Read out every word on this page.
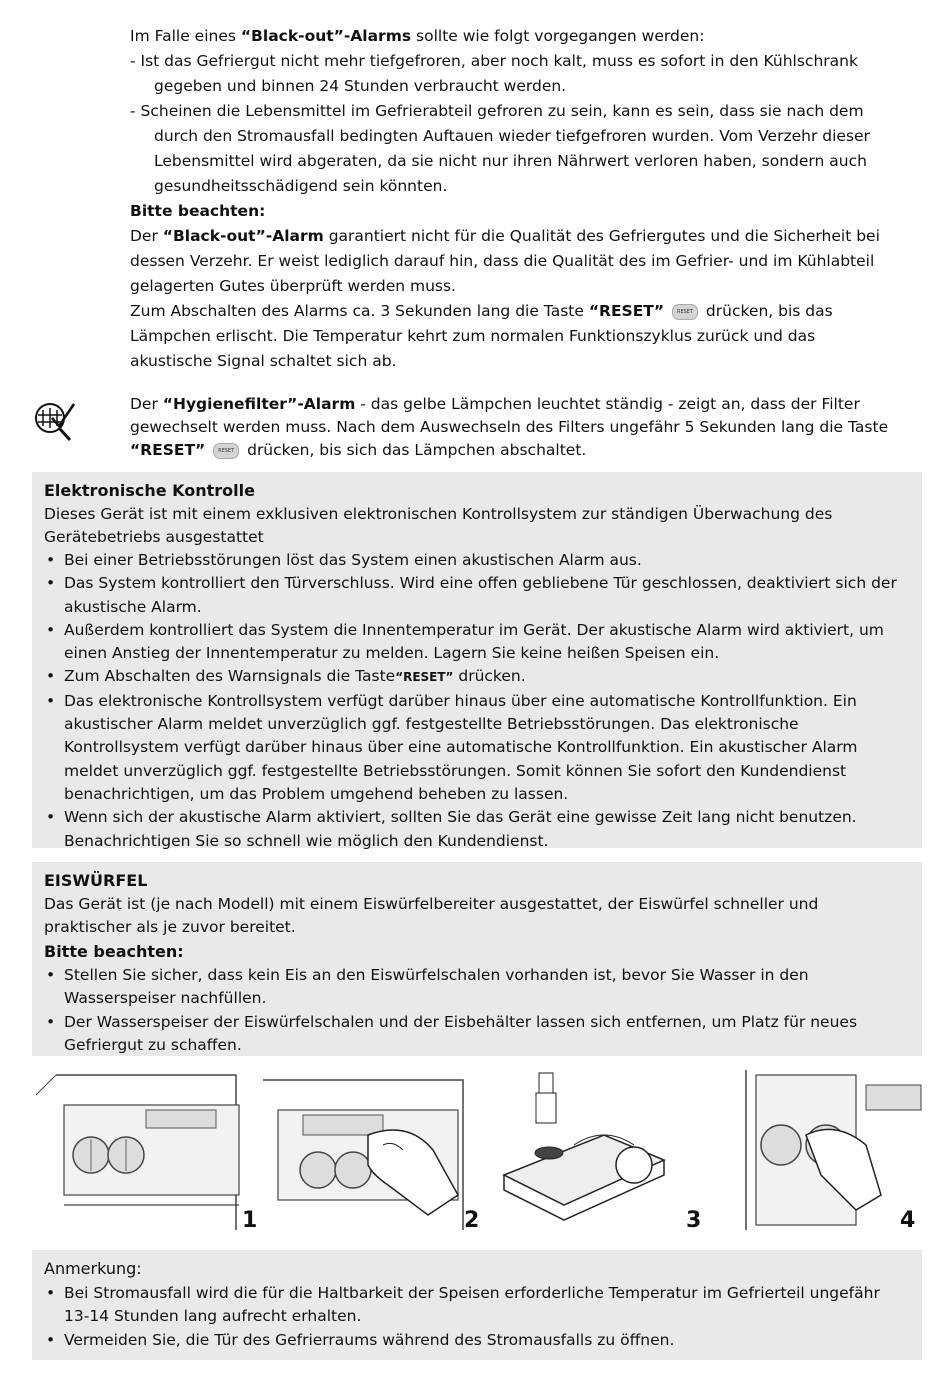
Im Falle eines “Black-out”-Alarms sollte wie folgt vorgegangen werden:

- Ist das Gefriergut nicht mehr tiefgefroren, aber noch kalt, muss es sofort in den Kühlschrank gegeben und binnen 24 Stunden verbraucht werden.

- Scheinen die Lebensmittel im Gefrierabteil gefroren zu sein, kann es sein, dass sie nach dem durch den Stromausfall bedingten Auftauen wieder tiefgefroren wurden. Vom Verzehr dieser Lebensmittel wird abgeraten, da sie nicht nur ihren Nährwert verloren haben, sondern auch gesundheitsschädigend sein könnten.

Bitte beachten:

Der “Black-out”-Alarm garantiert nicht für die Qualität des Gefriergutes und die Sicherheit bei dessen Verzehr. Er weist lediglich darauf hin, dass die Qualität des im Gefrier- und im Kühlabteil gelagerten Gutes überprüft werden muss.

Zum Abschalten des Alarms ca. 3 Sekunden lang die Taste “RESET”	RESET drücken, bis das Lämpchen erlischt. Die Temperatur kehrt zum normalen Funktionszyklus zurück und das akustische Signal schaltet sich ab.

Der “Hygienefilter”-Alarm - das gelbe Lämpchen leuchtet ständig - zeigt an, dass der Filter gewechselt werden muss. Nach dem Auswechseln des Filters ungefähr 5 Sekunden lang die Taste “RESET”	RESET drücken, bis sich das Lämpchen abschaltet.
Elektronische Kontrolle

Dieses Gerät ist mit einem exklusiven elektronischen Kontrollsystem zur ständigen Überwachung des Gerätebetriebs ausgestattet

• Bei einer Betriebsstörungen löst das System einen akustischen Alarm aus.
• Das System kontrolliert den Türverschluss. Wird eine offen gebliebene Tür geschlossen, deaktiviert sich der akustische Alarm.
• Außerdem kontrolliert das System die Innentemperatur im Gerät. Der akustische Alarm wird aktiviert, um einen Anstieg der Innentemperatur zu melden. Lagern Sie keine heißen Speisen ein.
• Zum Abschalten des Warnsignals die Taste“RESET” drücken.
• Das elektronische Kontrollsystem verfügt darüber hinaus über eine automatische Kontrollfunktion. Ein akustischer Alarm meldet unverzüglich ggf. festgestellte Betriebsstörungen. Das elektronische Kontrollsystem verfügt darüber hinaus über eine automatische Kontrollfunktion. Ein akustischer Alarm meldet unverzüglich ggf. festgestellte Betriebsstörungen. Somit können Sie sofort den Kundendienst benachrichtigen, um das Problem umgehend beheben zu lassen.
• Wenn sich der akustische Alarm aktiviert, sollten Sie das Gerät eine gewisse Zeit lang nicht benutzen. Benachrichtigen Sie so schnell wie möglich den Kundendienst.
EISWÜRFEL

Das Gerät ist (je nach Modell) mit einem Eiswürfelbereiter ausgestattet, der Eiswürfel schneller und praktischer als je zuvor bereitet.

Bitte beachten:
• Stellen Sie sicher, dass kein Eis an den Eiswürfelschalen vorhanden ist, bevor Sie Wasser in den Wasserspeiser nachfüllen.
• Der Wasserspeiser der Eiswürfelschalen und der Eisbehälter lassen sich entfernen, um Platz für neues Gefriergut zu schaffen.
1	2	3	4

Anmerkung:

• Bei Stromausfall wird die für die Haltbarkeit der Speisen erforderliche Temperatur im Gefrierteil ungefähr 13-14 Stunden lang aufrecht erhalten.
• Vermeiden Sie, die Tür des Gefrierraums während des Stromausfalls zu öffnen.
